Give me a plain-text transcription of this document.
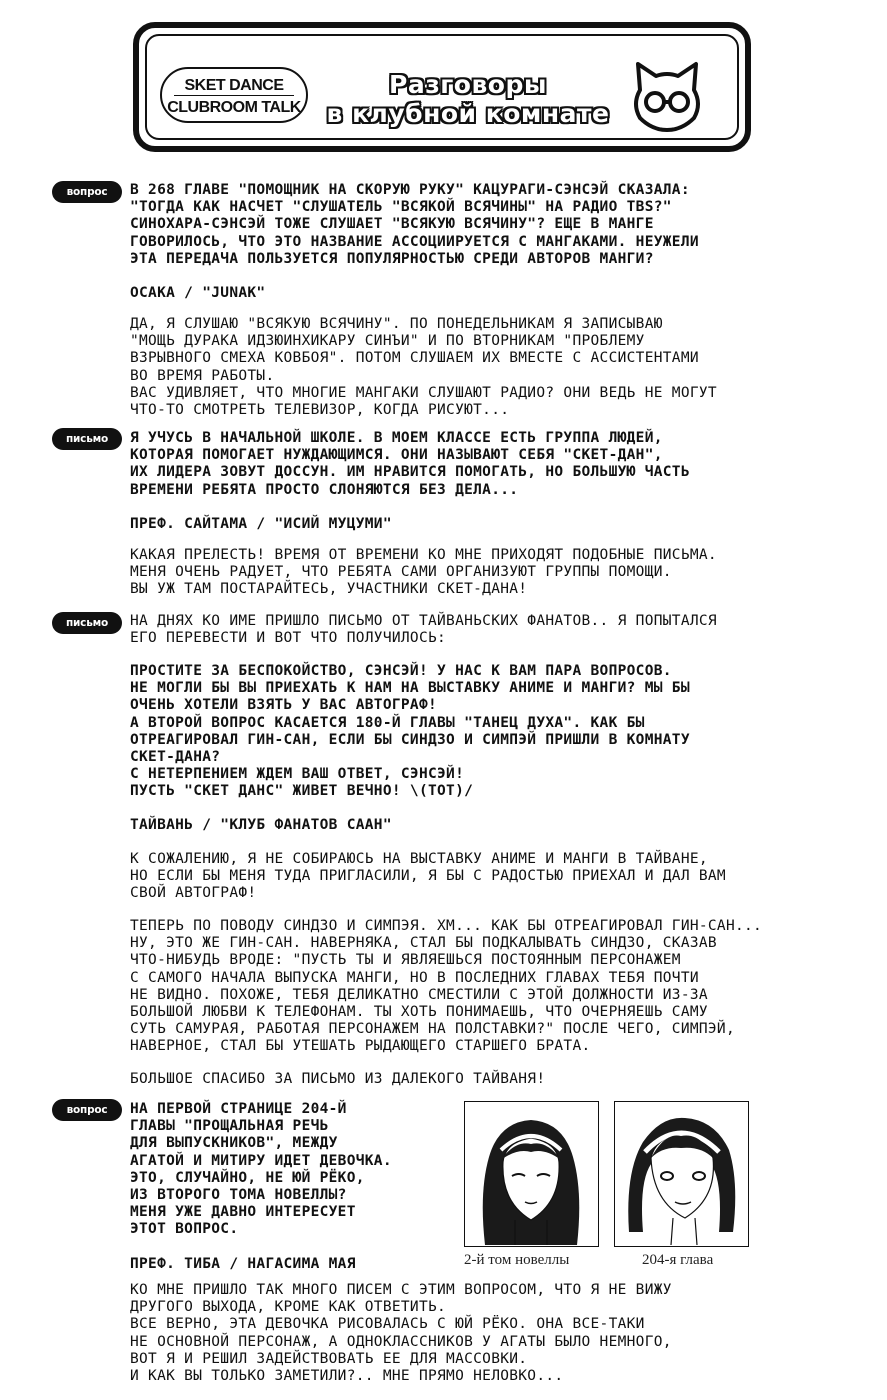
SKET DANCE
CLUBROOM TALK
Разговоры
в клубной комнате
вопрос	В 268 ГЛАВЕ "ПОМОЩНИК НА СКОРУЮ РУКУ" КАЦУРАГИ-СЭНСЭЙ СКАЗАЛА:
"ТОГДА КАК НАСЧЕТ "СЛУШАТЕЛЬ "ВСЯКОЙ ВСЯЧИНЫ" НА РАДИО TBS?"
СИНОХАРА-СЭНСЭЙ ТОЖЕ СЛУШАЕТ "ВСЯКУЮ ВСЯЧИНУ"? ЕЩЕ В МАНГЕ
ГОВОРИЛОСЬ, ЧТО ЭТО НАЗВАНИЕ АССОЦИИРУЕТСЯ С МАНГАКАМИ. НЕУЖЕЛИ
ЭТА ПЕРЕДАЧА ПОЛЬЗУЕТСЯ ПОПУЛЯРНОСТЬЮ СРЕДИ АВТОРОВ МАНГИ?

ОСАКА / "JUNAK"

ДА, Я СЛУШАЮ "ВСЯКУЮ ВСЯЧИНУ". ПО ПОНЕДЕЛЬНИКАМ Я ЗАПИСЫВАЮ
"МОЩЬ ДУРАКА ИДЗЮИНХИКАРУ СИНЪИ" И ПО ВТОРНИКАМ "ПРОБЛЕМУ
ВЗРЫВНОГО СМЕХА КОВБОЯ". ПОТОМ СЛУШАЕМ ИХ ВМЕСТЕ С АССИСТЕНТАМИ
ВО ВРЕМЯ РАБОТЫ.
ВАС УДИВЛЯЕТ, ЧТО МНОГИЕ МАНГАКИ СЛУШАЮТ РАДИО? ОНИ ВЕДЬ НЕ МОГУТ
ЧТО-ТО СМОТРЕТЬ ТЕЛЕВИЗОР, КОГДА РИСУЮТ...

письмо	Я УЧУСЬ В НАЧАЛЬНОЙ ШКОЛЕ. В МОЕМ КЛАССЕ ЕСТЬ ГРУППА ЛЮДЕЙ,
КОТОРАЯ ПОМОГАЕТ НУЖДАЮЩИМСЯ. ОНИ НАЗЫВАЮТ СЕБЯ "СКЕТ-ДАН",
ИХ ЛИДЕРА ЗОВУТ ДОССУН. ИМ НРАВИТСЯ ПОМОГАТЬ, НО БОЛЬШУЮ ЧАСТЬ
ВРЕМЕНИ РЕБЯТА ПРОСТО СЛОНЯЮТСЯ БЕЗ ДЕЛА...

ПРЕФ. САЙТАМА / "ИСИЙ МУЦУМИ"

КАКАЯ ПРЕЛЕСТЬ! ВРЕМЯ ОТ ВРЕМЕНИ КО МНЕ ПРИХОДЯТ ПОДОБНЫЕ ПИСЬМА.
МЕНЯ ОЧЕНЬ РАДУЕТ, ЧТО РЕБЯТА САМИ ОРГАНИЗУЮТ ГРУППЫ ПОМОЩИ.
ВЫ УЖ ТАМ ПОСТАРАЙТЕСЬ, УЧАСТНИКИ СКЕТ-ДАНА!

письмо	НА ДНЯХ КО ИМЕ ПРИШЛО ПИСЬМО ОТ ТАЙВАНЬСКИХ ФАНАТОВ.. Я ПОПЫТАЛСЯ
ЕГО ПЕРЕВЕСТИ И ВОТ ЧТО ПОЛУЧИЛОСЬ:

ПРОСТИТЕ ЗА БЕСПОКОЙСТВО, СЭНСЭЙ! У НАС К ВАМ ПАРА ВОПРОСОВ.
НЕ МОГЛИ БЫ ВЫ ПРИЕХАТЬ К НАМ НА ВЫСТАВКУ АНИМЕ И МАНГИ? МЫ БЫ
ОЧЕНЬ ХОТЕЛИ ВЗЯТЬ У ВАС АВТОГРАФ!
А ВТОРОЙ ВОПРОС КАСАЕТСЯ 180-Й ГЛАВЫ "ТАНЕЦ ДУХА". КАК БЫ
ОТРЕАГИРОВАЛ ГИН-САН, ЕСЛИ БЫ СИНДЗО И СИМПЭЙ ПРИШЛИ В КОМНАТУ
СКЕТ-ДАНА?
С НЕТЕРПЕНИЕМ ЖДЕМ ВАШ ОТВЕТ, СЭНСЭЙ!
ПУСТЬ "СКЕТ ДАНС" ЖИВЕТ ВЕЧНО! \(TOT)/

ТАЙВАНЬ / "КЛУБ ФАНАТОВ СААН"

К СОЖАЛЕНИЮ, Я НЕ СОБИРАЮСЬ НА ВЫСТАВКУ АНИМЕ И МАНГИ В ТАЙВАНЕ,
НО ЕСЛИ БЫ МЕНЯ ТУДА ПРИГЛАСИЛИ, Я БЫ С РАДОСТЬЮ ПРИЕХАЛ И ДАЛ ВАМ
СВОЙ АВТОГРАФ!

ТЕПЕРЬ ПО ПОВОДУ СИНДЗО И СИМПЭЯ. ХМ... КАК БЫ ОТРЕАГИРОВАЛ ГИН-САН...
НУ, ЭТО ЖЕ ГИН-САН. НАВЕРНЯКА, СТАЛ БЫ ПОДКАЛЫВАТЬ СИНДЗО, СКАЗАВ
ЧТО-НИБУДЬ ВРОДЕ: "ПУСТЬ ТЫ И ЯВЛЯЕШЬСЯ ПОСТОЯННЫМ ПЕРСОНАЖЕМ
С САМОГО НАЧАЛА ВЫПУСКА МАНГИ, НО В ПОСЛЕДНИХ ГЛАВАХ ТЕБЯ ПОЧТИ
НЕ ВИДНО. ПОХОЖЕ, ТЕБЯ ДЕЛИКАТНО СМЕСТИЛИ С ЭТОЙ ДОЛЖНОСТИ ИЗ-ЗА
БОЛЬШОЙ ЛЮБВИ К ТЕЛЕФОНАМ. ТЫ ХОТЬ ПОНИМАЕШЬ, ЧТО ОЧЕРНЯЕШЬ САМУ
СУТЬ САМУРАЯ, РАБОТАЯ ПЕРСОНАЖЕМ НА ПОЛСТАВКИ?" ПОСЛЕ ЧЕГО, СИМПЭЙ,
НАВЕРНОЕ, СТАЛ БЫ УТЕШАТЬ РЫДАЮЩЕГО СТАРШЕГО БРАТА.

БОЛЬШОЕ СПАСИБО ЗА ПИСЬМО ИЗ ДАЛЕКОГО ТАЙВАНЯ!

вопрос	НА ПЕРВОЙ СТРАНИЦЕ 204-Й
ГЛАВЫ "ПРОЩАЛЬНАЯ РЕЧЬ
ДЛЯ ВЫПУСКНИКОВ", МЕЖДУ
АГАТОЙ И МИТИРУ ИДЕТ ДЕВОЧКА.
ЭТО, СЛУЧАЙНО, НЕ ЮЙ РЁКО,
ИЗ ВТОРОГО ТОМА НОВЕЛЛЫ?
МЕНЯ УЖЕ ДАВНО ИНТЕРЕСУЕТ
ЭТОТ ВОПРОС.

ПРЕФ. ТИБА / НАГАСИМА МАЯ	2-й том новеллы	204-я глава

КО МНЕ ПРИШЛО ТАК МНОГО ПИСЕМ С ЭТИМ ВОПРОСОМ, ЧТО Я НЕ ВИЖУ
ДРУГОГО ВЫХОДА, КРОМЕ КАК ОТВЕТИТЬ.
ВСЕ ВЕРНО, ЭТА ДЕВОЧКА РИСОВАЛАСЬ С ЮЙ РЁКО. ОНА ВСЕ-ТАКИ
НЕ ОСНОВНОЙ ПЕРСОНАЖ, А ОДНОКЛАССНИКОВ У АГАТЫ БЫЛО НЕМНОГО,
ВОТ Я И РЕШИЛ ЗАДЕЙСТВОВАТЬ ЕЕ ДЛЯ МАССОВКИ.
И КАК ВЫ ТОЛЬКО ЗАМЕТИЛИ?.. МНЕ ПРЯМО НЕЛОВКО...
